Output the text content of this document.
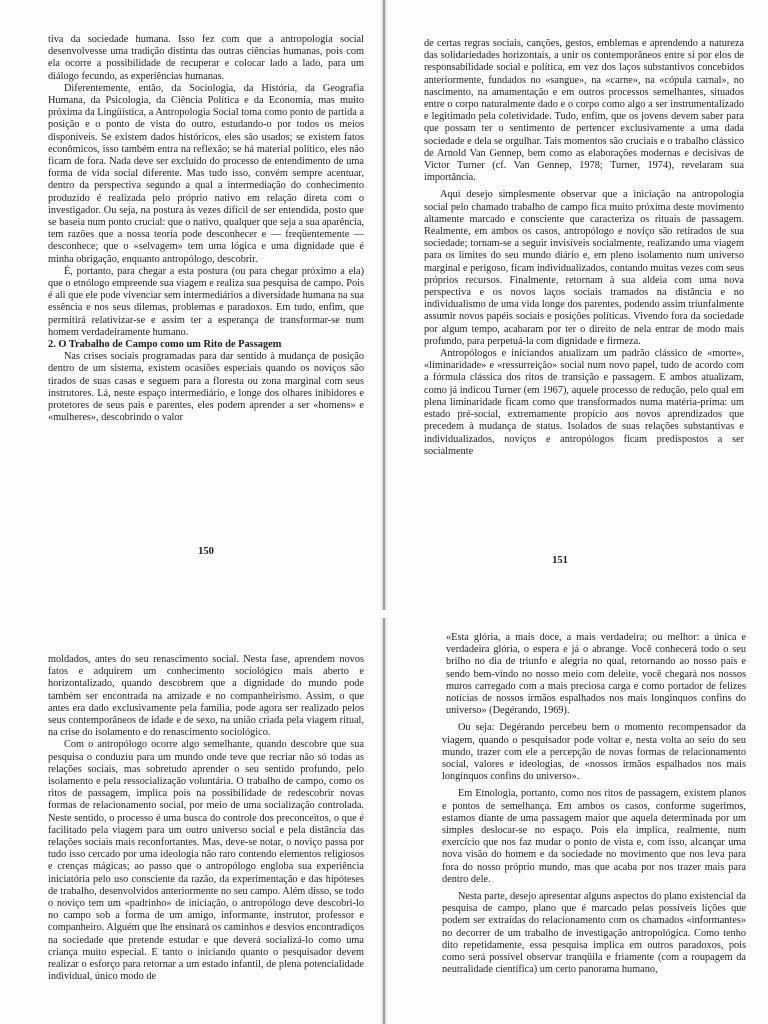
tiva da sociedade humana. Isso fez com que a antropologia social desenvolvesse uma tradição distinta das outras ciências humanas, pois com ela ocorre a possibilidade de recuperar e colocar lado a lado, para um diálogo fecundo, as experiências humanas.

Diferentemente, então, da Sociologia, da História, da Geografia Humana, da Psicologia, da Ciência Política e da Economia, mas muito próxima da Lingüística, a Antropologia Social toma como ponto de partida a posição e o ponto de vista do outro, estudando-o por todos os meios disponíveis. Se existem dados históricos, eles são usados; se existem fatos econômicos, isso também entra na reflexão; se há material político, eles não ficam de fora. Nada deve ser excluído do processo de entendimento de uma forma de vida social diferente. Mas tudo isso, convém sempre acentuar, dentro da perspectiva segundo a qual a intermediação do conhecimento produzido é realizada pelo próprio nativo em relação direta com o investigador. Ou seja, na postura às vezes difícil de ser entendida, posto que se baseia num ponto crucial: que o nativo, qualquer que seja a sua aparência, tem razões que a nossa teoria pode desconhecer e — freqüentemente — desconhece; que o «selvagem» tem uma lógica e uma dignidade que é minha obrigação, enquanto antropólogo, descobrir.

É, portanto, para chegar a esta postura (ou para chegar próximo a ela) que o etnólogo empreende sua viagem e realiza sua pesquisa de campo. Pois é ali que ele pode vivenciar sem intermediários a diversidade humana na sua essência e nos seus dilemas, problemas e paradoxos. Em tudo, enfim, que permitirá relativizar-se e assim ter a esperança de transformar-se num homem verdadeiramente humano.

2. O Trabalho de Campo como um Rito de Passagem

Nas crises sociais programadas para dar sentido à mudança de posição dentro de um sistema, existem ocasiões especiais quando os noviços são tirados de suas casas e seguem para a floresta ou zona marginal com seus instrutores. Lá, neste espaço intermediário, e longe dos olhares inibidores e protetores de seus pais e parentes, eles podem aprender a ser «homens» e «mulheres», descobrindo o valor

150

de certas regras sociais, canções, gestos, emblemas e aprendendo a natureza das solidariedades horizontais, a unir os contemporâneos entre si por elos de responsabilidade social e política, em vez dos laços substantivos concebidos anteriormente, fundados no «sangue», na «carne», na «cópula carnal», no nascimento, na amamentação e em outros processos semelhantes, situados entre o corpo naturalmente dado e o corpo como algo a ser instrumentalizado e legitimado pela coletividade. Tudo, enfim, que os jovens devem saber para que possam ter o sentimento de pertencer exclusivamente a uma dada sociedade e dela se orgulhar. Tais momentos são cruciais e o trabalho clássico de Arnold Van Gennep, bem como as elaborações modernas e decisivas de Victor Turner (cf. Van Gennep, 1978; Turner, 1974), revelaram sua importância.

Aqui desejo simplesmente observar que a iniciação na antropologia social pelo chamado trabalho de campo fica muito próxima deste movimento altamente marcado e consciente que caracteriza os rituais de passagem. Realmente, em ambos os casos, antropólogo e noviço são retirados de sua sociedade; tornam-se a seguir invisíveis socialmente, realizando uma viagem para os limites do seu mundo diário e, em pleno isolamento num universo marginal e perigoso, ficam individualizados, contando muitas vezes com seus próprios recursos. Finalmente, retornam à sua aldeia com uma nova perspectiva e os novos laços sociais tramados na distância e no individualismo de uma vida longe dos parentes, podendo assim triunfalmente assumir novos papéis sociais e posições políticas. Vivendo fora da sociedade por algum tempo, acabaram por ter o direito de nela entrar de modo mais profundo, para perpetuá-la com dignidade e firmeza.

Antropólogos e iniciandos atualizam um padrão clássico de «morte», «liminaridade» e «ressurreição» social num novo papel, tudo de acordo com a fórmula clássica dos ritos de transição e passagem. E ambos atualizam, como já indicou Turner (em 1967), aquele processo de redução, pelo qual em plena liminaridade ficam como que transformados numa matéria-prima: um estado pré-social, extremamente propício aos novos aprendizados que precedem à mudança de status. Isolados de suas relações substantivas e individualizados, noviços e antropólogos ficam predispostos a ser socialmente

151

moldados, antes do seu renascimento social. Nesta fase, aprendem novos fatos e adquirem um conhecimento sociológico mais aberto e horizontalizado, quando descobrem que a dignidade do mundo pode também ser encontrada na amizade e no companheirismo. Assim, o que antes era dado exclusivamente pela família, pode agora ser realizado pelos seus contemporâneos de idade e de sexo, na união criada pela viagem ritual, na crise do isolamento e do renascimento sociológico.

Com o antropólogo ocorre algo semelhante, quando descobre que sua pesquisa o conduziu para um mundo onde teve que recriar não só todas as relações sociais, mas sobretudo aprender o seu sentido profundo, pelo isolamento e pela ressocialização voluntária. O trabalho de campo, como os ritos de passagem, implica pois na possibilidade de redescobrir novas formas de relacionamento social, por meio de uma socialização controlada. Neste sentido, o processo é uma busca do controle dos preconceitos, o que é facilitado pela viagem para um outro universo social e pela distância das relações sociais mais reconfortantes. Mas, deve-se notar, o noviço passa por tudo isso cercado por uma ideologia não raro contendo elementos religiosos e crenças mágicas; ao passo que o antropólogo engloba sua experiência iniciatória pelo uso consciente da razão, da experimentação e das hipóteses de trabalho, desenvolvidos anteriormente no seu campo. Além disso, se todo o noviço tem um «padrinho» de iniciação, o antropólogo deve descobri-lo no campo sob a forma de um amigo, informante, instrutor, professor e companheiro. Alguém que lhe ensinará os caminhos e desvios encontradiços na sociedade que pretende estudar e que deverá socializá-lo como uma criança muito especial. E tanto o iniciando quanto o pesquisador devem realizar o esforço para retornar a um estado infantil, de plena potencialidade individual, único modo de

«Esta glória, a mais doce, a mais verdadeira; ou melhor: a única e verdadeira glória, o espera e já o abrange. Você conhecerá todo o seu brilho no dia de triunfo e alegria no qual, retornando ao nosso país e sendo bem-vindo no nosso meio com deleite, você chegará nos nossos muros carregado com a mais preciosa carga e como portador de felizes notícias de nossos irmãos espalhados nos mais longínquos confins do universo» (Degérando, 1969).

Ou seja: Degérando percebeu bem o momento recompensador da viagem, quando o pesquisador pode voltar e, nesta volta ao seio do seu mundo, trazer com ele a percepção de novas formas de relacionamento social, valores e ideologias, de «nossos irmãos espalhados nos mais longínquos confins do universo».

Em Etnologia, portanto, como nos ritos de passagem, existem planos e pontos de semelhança. Em ambos os casos, conforme sugerimos, estamos diante de uma passagem maior que aquela determinada por um simples deslocar-se no espaço. Pois ela implica, realmente, num exercício que nos faz mudar o ponto de vista e, com isso, alcançar uma nova visão do homem e da sociedade no movimento que nos leva para fora do nosso próprio mundo, mas que acaba por nos trazer mais para dentro dele.

Nesta parte, desejo apresentar alguns aspectos do plano existencial da pesquisa de campo, plano que é marcado pelas possíveis lições que podem ser extraídas do relacionamento com os chamados «informantes» no decorrer de um trabalho de investigação antropológica. Como tenho dito repetidamente, essa pesquisa implica em outros paradoxos, pois como será possível observar tranqüila e friamente (com a roupagem da neutralidade científica) um certo panorama humano,
